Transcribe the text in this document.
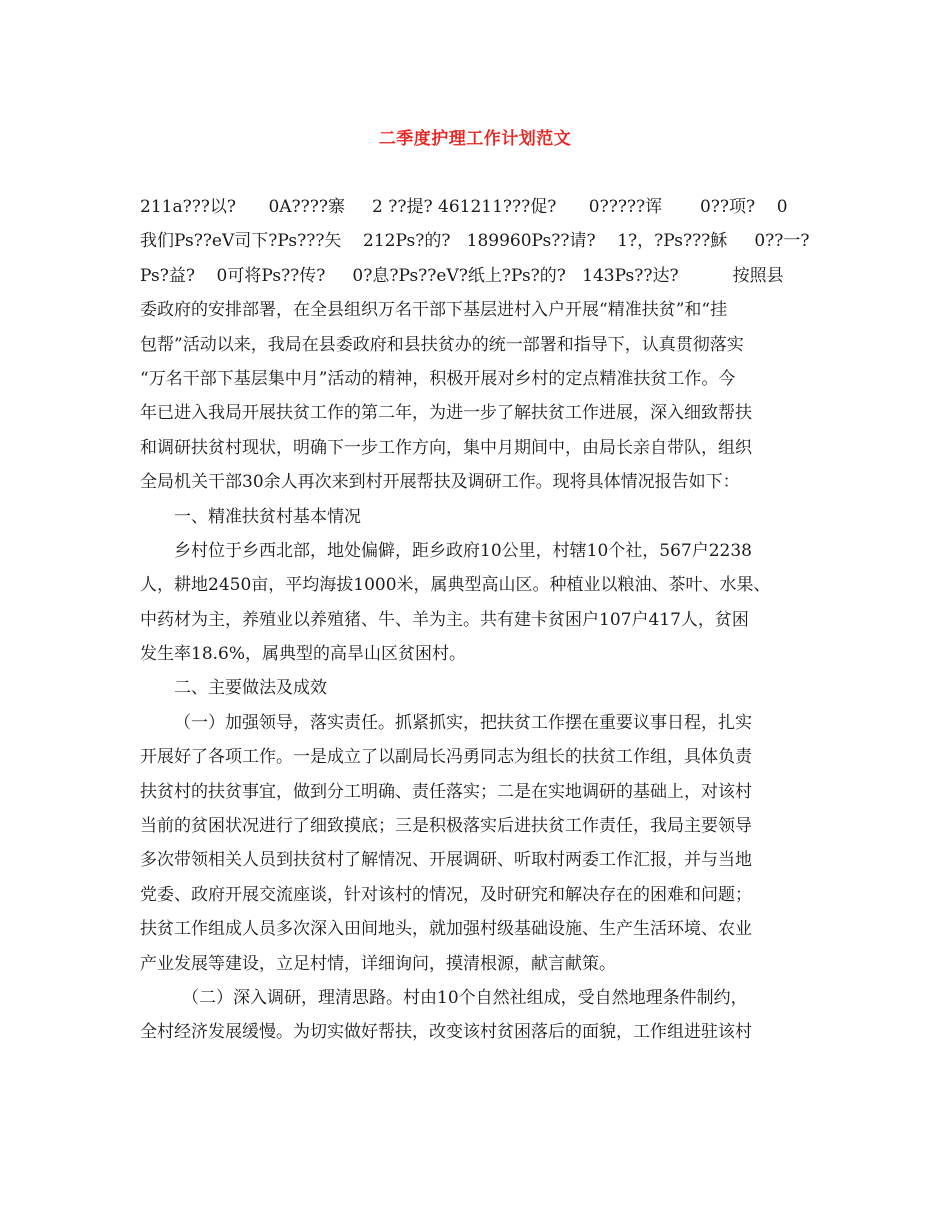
二季度护理工作计划范文
211a???以?      0A????寨     2 ??提? 461211???促?      0?????诨       0??项?    0
我们Ps??eV司下?Ps???矢    212Ps?的?   189960Ps??请?    1?，?Ps???穌     0??一?
Ps?益?    0可将Ps??传?     0?息?Ps??eV?纸上?Ps?的?   143Ps??达?          按照县
委政府的安排部署，在全县组织万名干部下基层进村入户开展“精准扶贫”和“挂
包帮”活动以来，我局在县委政府和县扶贫办的统一部署和指导下，认真贯彻落实
“万名干部下基层集中月”活动的精神，积极开展对乡村的定点精准扶贫工作。今
年已进入我局开展扶贫工作的第二年，为进一步了解扶贫工作进展，深入细致帮扶
和调研扶贫村现状，明确下一步工作方向，集中月期间中，由局长亲自带队，组织
全局机关干部30余人再次来到村开展帮扶及调研工作。现将具体情况报告如下：
一、精准扶贫村基本情况
乡村位于乡西北部，地处偏僻，距乡政府10公里，村辖10个社，567户2238
人，耕地2450亩，平均海拔1000米，属典型高山区。种植业以粮油、茶叶、水果、
中药材为主，养殖业以养殖猪、牛、羊为主。共有建卡贫困户107户417人，贫困
发生率18.6%，属典型的高旱山区贫困村。
二、主要做法及成效
（一）加强领导，落实责任。抓紧抓实，把扶贫工作摆在重要议事日程，扎实
开展好了各项工作。一是成立了以副局长冯勇同志为组长的扶贫工作组，具体负责
扶贫村的扶贫事宜，做到分工明确、责任落实；二是在实地调研的基础上，对该村
当前的贫困状况进行了细致摸底；三是积极落实后进扶贫工作责任，我局主要领导
多次带领相关人员到扶贫村了解情况、开展调研、听取村两委工作汇报，并与当地
党委、政府开展交流座谈，针对该村的情况，及时研究和解决存在的困难和问题；
扶贫工作组成人员多次深入田间地头，就加强村级基础设施、生产生活环境、农业
产业发展等建设，立足村情，详细询问，摸清根源，献言献策。
（二）深入调研，理清思路。村由10个自然社组成，受自然地理条件制约，
全村经济发展缓慢。为切实做好帮扶，改变该村贫困落后的面貌，工作组进驻该村
